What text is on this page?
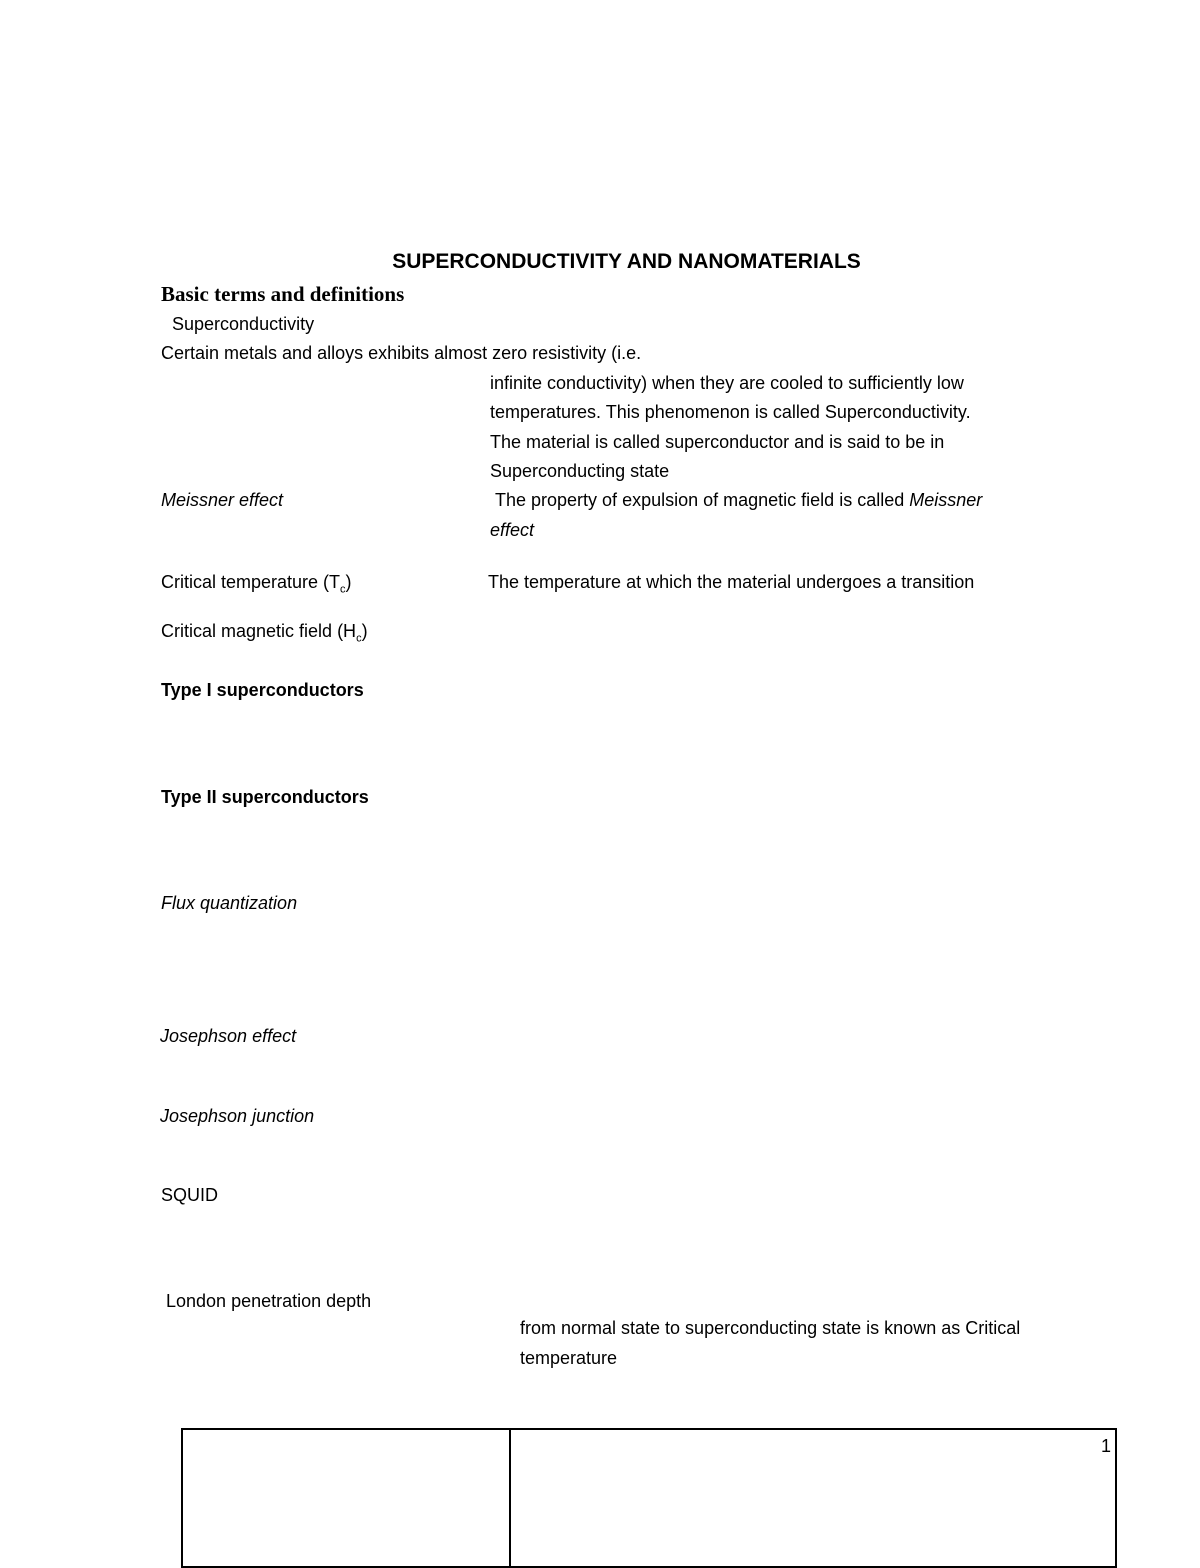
SUPERCONDUCTIVITY AND NANOMATERIALS
Basic terms and definitions
Superconductivity
Certain metals and alloys exhibits almost zero resistivity (i.e.
infinite conductivity) when they are cooled to sufficiently low
temperatures. This phenomenon is called Superconductivity.
The material is called superconductor and is said to be in
Superconducting state
Meissner effect	The property of expulsion of magnetic field is called Meissner
effect
Critical temperature $(T_c)$	The temperature at which the material undergoes a transition
Critical magnetic field $(H_c)$
Type I superconductors
Type II superconductors
Flux quantization
Josephson effect
Josephson junction
SQUID
London penetration depth
from normal state to superconducting state is known as Critical
temperature
1
